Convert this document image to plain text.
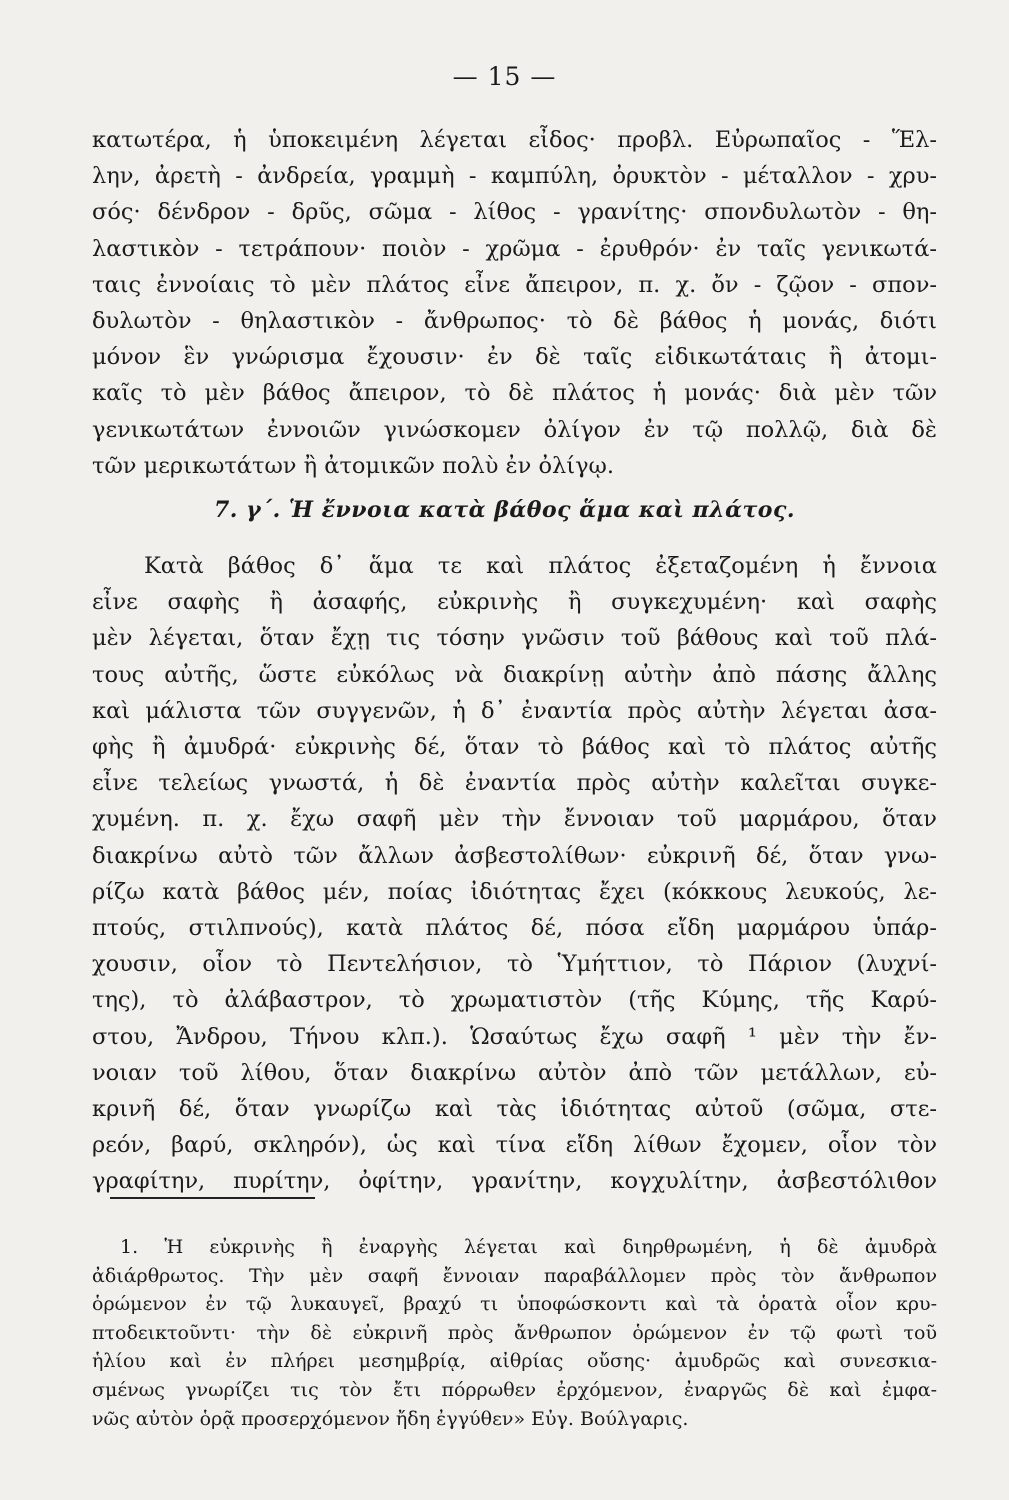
— 15 —

κατωτέρα, ἡ ὑποκειμένη λέγεται εἶδος· προβλ. Εὐρωπαῖος - Ἕλ-
λην, ἀρετὴ - ἀνδρεία, γραμμὴ - καμπύλη, ὀρυκτὸν - μέταλλον - χρυ-
σός· δένδρον - δρῦς, σῶμα - λίθος - γρανίτης· σπονδυλωτὸν - θη-
λαστικὸν - τετράπουν· ποιὸν - χρῶμα - ἐρυθρόν· ἐν ταῖς γενικωτά-
ταις ἐννοίαις τὸ μὲν πλάτος εἶνε ἄπειρον, π. χ. ὄν - ζῷον - σπον-
δυλωτὸν - θηλαστικὸν - ἄνθρωπος· τὸ δὲ βάθος ἡ μονάς, διότι
μόνον ἓν γνώρισμα ἔχουσιν· ἐν δὲ ταῖς εἰδικωτάταις ἢ ἀτομι-
καῖς τὸ μὲν βάθος ἄπειρον, τὸ δὲ πλάτος ἡ μονάς· διὰ μὲν τῶν
γενικωτάτων ἐννοιῶν γινώσκομεν ὀλίγον ἐν τῷ πολλῷ, διὰ δὲ
τῶν μερικωτάτων ἢ ἀτομικῶν πολὺ ἐν ὀλίγῳ.

7. γ΄. Ἡ ἔννοια κατὰ βάθος ἅμα καὶ πλάτος.

Κατὰ βάθος δ᾽ ἅμα τε καὶ πλάτος ἐξεταζομένη ἡ ἔννοια
εἶνε σαφὴς ἢ ἀσαφής, εὐκρινὴς ἢ συγκεχυμένη· καὶ σαφὴς
μὲν λέγεται, ὅταν ἔχῃ τις τόσην γνῶσιν τοῦ βάθους καὶ τοῦ πλά-
τους αὐτῆς, ὥστε εὐκόλως νὰ διακρίνῃ αὐτὴν ἀπὸ πάσης ἄλλης
καὶ μάλιστα τῶν συγγενῶν, ἡ δ᾽ ἐναντία πρὸς αὐτὴν λέγεται ἀσα-
φὴς ἢ ἀμυδρά· εὐκρινὴς δέ, ὅταν τὸ βάθος καὶ τὸ πλάτος αὐτῆς
εἶνε τελείως γνωστά, ἡ δὲ ἐναντία πρὸς αὐτὴν καλεῖται συγκε-
χυμένη. π. χ. ἔχω σαφῆ μὲν τὴν ἔννοιαν τοῦ μαρμάρου, ὅταν
διακρίνω αὐτὸ τῶν ἄλλων ἀσβεστολίθων· εὐκρινῆ δέ, ὅταν γνω-
ρίζω κατὰ βάθος μέν, ποίας ἰδιότητας ἔχει (κόκκους λευκούς, λε-
πτούς, στιλπνούς), κατὰ πλάτος δέ, πόσα εἴδη μαρμάρου ὑπάρ-
χουσιν, οἷον τὸ Πεντελήσιον, τὸ Ὑμήττιον, τὸ Πάριον (λυχνί-
της), τὸ ἀλάβαστρον, τὸ χρωματιστὸν (τῆς Κύμης, τῆς Καρύ-
στου, Ἄνδρου, Τήνου κλπ.). Ὡσαύτως ἔχω σαφῆ ¹ μὲν τὴν ἔν-
νοιαν τοῦ λίθου, ὅταν διακρίνω αὐτὸν ἀπὸ τῶν μετάλλων, εὐ-
κρινῆ δέ, ὅταν γνωρίζω καὶ τὰς ἰδιότητας αὐτοῦ (σῶμα, στε-
ρεόν, βαρύ, σκληρόν), ὡς καὶ τίνα εἴδη λίθων ἔχομεν, οἷον τὸν
γραφίτην, πυρίτην, ὀφίτην, γρανίτην, κογχυλίτην, ἀσβεστόλιθον

1. Ἡ εὐκρινὴς ἢ ἐναργὴς λέγεται καὶ διηρθρωμένη, ἡ δὲ ἀμυδρὰ
ἀδιάρθρωτος. Τὴν μὲν σαφῆ ἔννοιαν παραβάλλομεν πρὸς τὸν ἄνθρωπον
ὁρώμενον ἐν τῷ λυκαυγεῖ, βραχύ τι ὑποφώσκοντι καὶ τὰ ὁρατὰ οἷον κρυ-
πτοδεικτοῦντι· τὴν δὲ εὐκρινῆ πρὸς ἄνθρωπον ὁρώμενον ἐν τῷ φωτὶ τοῦ
ἡλίου καὶ ἐν πλήρει μεσημβρίᾳ, αἰθρίας οὔσης· ἀμυδρῶς καὶ συνεσκια-
σμένως γνωρίζει τις τὸν ἔτι πόρρωθεν ἐρχόμενον, ἐναργῶς δὲ καὶ ἐμφα-
νῶς αὐτὸν ὁρᾷ προσερχόμενον ἤδη ἐγγύθεν» Εὐγ. Βούλγαρις.
